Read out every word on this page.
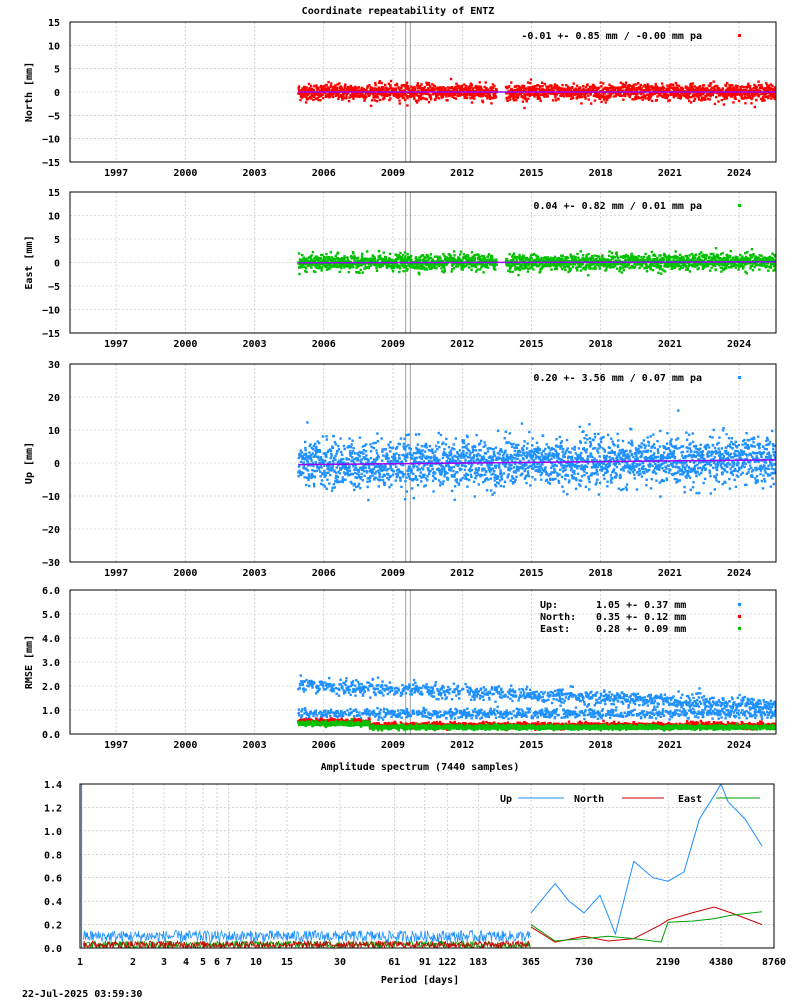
Coordinate repeatability of ENTZ
Amplitude spectrum (7440 samples)
Period [days]
22-Jul-2025 03:59:30
1997	2000	2003	2006	2009	2012	2015	2018	2021	2024
15
10
5
0
−5
−10
−15
North [mm]
-0.01 +- 0.85 mm / -0.00 mm pa
1997	2000	2003	2006	2009	2012	2015	2018	2021	2024
15
10
5
0
−5
−10
−15
East [mm]
0.04 +- 0.82 mm / 0.01 mm pa
1997	2000	2003	2006	2009	2012	2015	2018	2021	2024
30
20
10
0
−10
−20
−30
Up [mm]
0.20 +- 3.56 mm / 0.07 mm pa
1997	2000	2003	2006	2009	2012	2015	2018	2021	2024
6.0
5.0
4.0
3.0
2.0
1.0
0.0
RMSE [mm]
Up:	1.05 +- 0.37 mm
North: 0.35 +- 0.12 mm
East:	0.28 +- 0.09 mm
1	2 3 4 5 6 7 10 15	30	61 91 122 183	365	730	2190	4380	8760
1.4
1.2
1.0
0.8
0.6
0.4
0.2
0.0
Up	North	East
